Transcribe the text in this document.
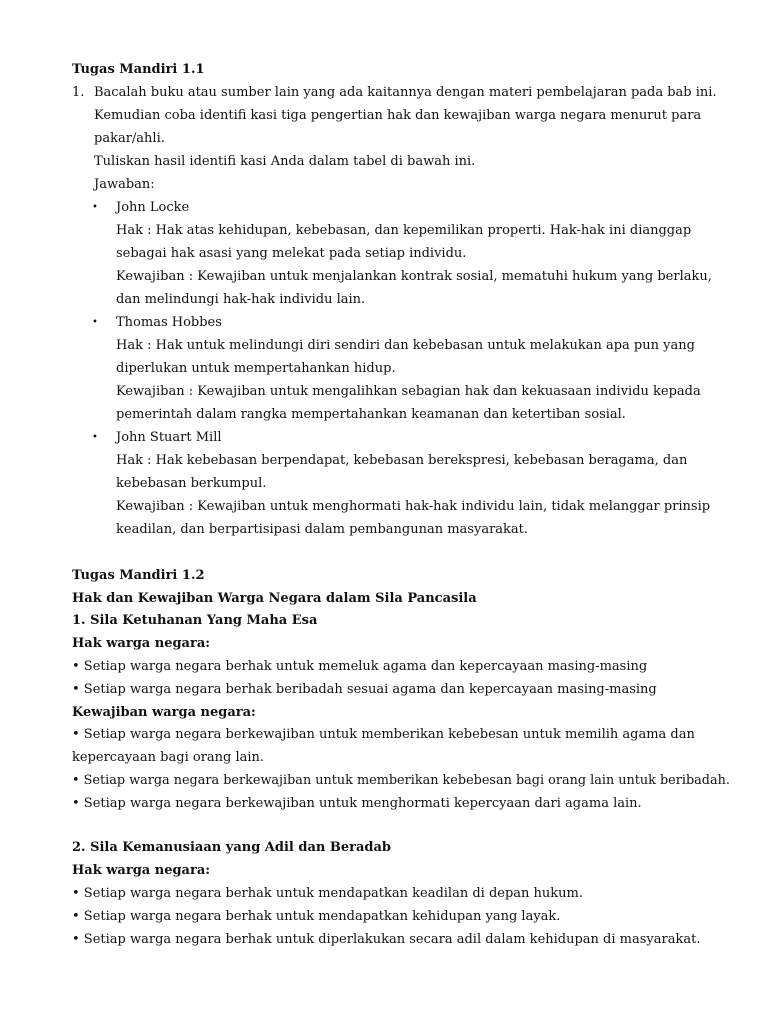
Tugas Mandiri 1.1
1. Bacalah buku atau sumber lain yang ada kaitannya dengan materi pembelajaran pada bab ini.
Kemudian coba identifi kasi tiga pengertian hak dan kewajiban warga negara menurut para
pakar/ahli.
Tuliskan hasil identifi kasi Anda dalam tabel di bawah ini.
Jawaban:
• John Locke
Hak : Hak atas kehidupan, kebebasan, dan kepemilikan properti. Hak-hak ini dianggap
sebagai hak asasi yang melekat pada setiap individu.
Kewajiban : Kewajiban untuk menjalankan kontrak sosial, mematuhi hukum yang berlaku,
dan melindungi hak-hak individu lain.
• Thomas Hobbes
Hak : Hak untuk melindungi diri sendiri dan kebebasan untuk melakukan apa pun yang
diperlukan untuk mempertahankan hidup.
Kewajiban : Kewajiban untuk mengalihkan sebagian hak dan kekuasaan individu kepada
pemerintah dalam rangka mempertahankan keamanan dan ketertiban sosial.
• John Stuart Mill
Hak : Hak kebebasan berpendapat, kebebasan berekspresi, kebebasan beragama, dan
kebebasan berkumpul.
Kewajiban : Kewajiban untuk menghormati hak-hak individu lain, tidak melanggar prinsip
keadilan, dan berpartisipasi dalam pembangunan masyarakat.
Tugas Mandiri 1.2
Hak dan Kewajiban Warga Negara dalam Sila Pancasila
1. Sila Ketuhanan Yang Maha Esa
Hak warga negara:
• Setiap warga negara berhak untuk memeluk agama dan kepercayaan masing-masing
• Setiap warga negara berhak beribadah sesuai agama dan kepercayaan masing-masing
Kewajiban warga negara:
• Setiap warga negara berkewajiban untuk memberikan kebebesan untuk memilih agama dan
kepercayaan bagi orang lain.
• Setiap warga negara berkewajiban untuk memberikan kebebesan bagi orang lain untuk beribadah.
• Setiap warga negara berkewajiban untuk menghormati kepercyaan dari agama lain.
2. Sila Kemanusiaan yang Adil dan Beradab
Hak warga negara:
• Setiap warga negara berhak untuk mendapatkan keadilan di depan hukum.
• Setiap warga negara berhak untuk mendapatkan kehidupan yang layak.
• Setiap warga negara berhak untuk diperlakukan secara adil dalam kehidupan di masyarakat.
